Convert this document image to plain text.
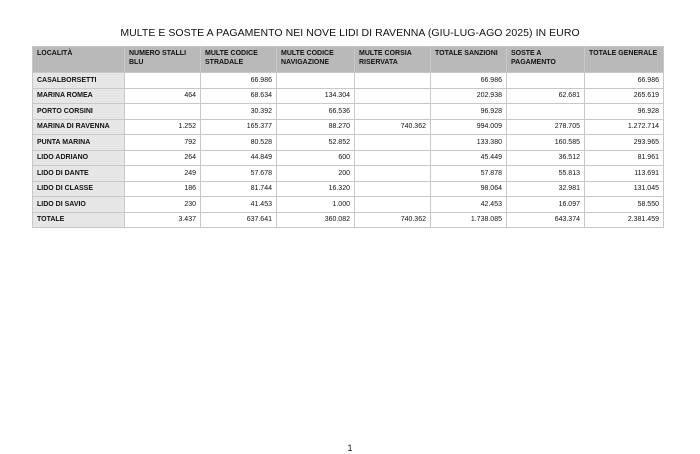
MULTE E SOSTE A PAGAMENTO NEI NOVE LIDI DI RAVENNA (GIU-LUG-AGO 2025) IN EURO
LOCALITÀ	NUMERO STALLI BLU	MULTE CODICE STRADALE	MULTE CODICE NAVIGAZIONE	MULTE CORSIA RISERVATA	TOTALE SANZIONI	SOSTE A PAGAMENTO	TOTALE GENERALE
CASALBORSETTI		66.986			66.986		66.986
MARINA ROMEA	464	68.634	134.304		202.938	62.681	265.619
PORTO CORSINI		30.392	66.536		96.928		96.928
MARINA DI RAVENNA	1.252	165.377	88.270	740.362	994.009	278.705	1.272.714
PUNTA MARINA	792	80.528	52.852		133.380	160.585	293.965
LIDO ADRIANO	264	44.849	600		45.449	36.512	81.961
LIDO DI DANTE	249	57.678	200		57.878	55.813	113.691
LIDO DI CLASSE	186	81.744	16.320		98.064	32.981	131.045
LIDO DI SAVIO	230	41.453	1.000		42.453	16.097	58.550
TOTALE	3.437	637.641	360.082	740.362	1.738.085	643.374	2.381.459
1
